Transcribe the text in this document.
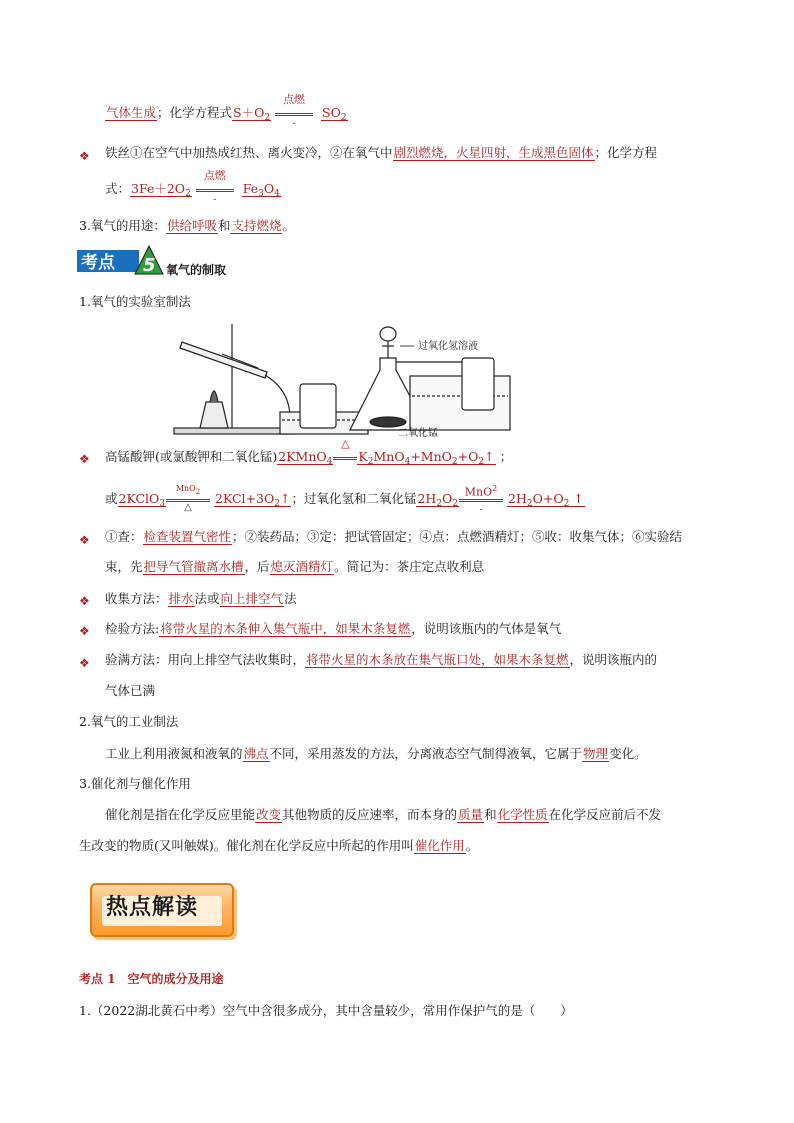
气体生成；化学方程式$S+O_2$
点燃
-
$SO_2$
❖ 铁丝①在空气中加热成红热、离火变冷，②在氧气中剧烈燃烧，火星四射，生成黑色固体；化学方程
式：$3Fe+2O_2$
点燃
-
$Fe_3O_4$
3.氧气的用途：供给呼吸和支持燃烧。
考点 5 氧气的制取
1.氧气的实验室制法
过氧化氢溶液
二氧化锰
❖ 高锰酸钾(或氯酸钾和二氧化锰)2KMnO$_4$
△
$K_2MnO_4+MnO_2+O_2↑$ ；
或2KClO$_3$
MnO2
△
$2KCl+3O_2↑$；过氧化氢和二氧化锰$2H_2O_2$
MnO$^2$
-
$2H_2O+O_2$ ↑
❖ ①查：检查装置气密性；②装药品；③定：把试管固定；④点：点燃酒精灯；⑤收：收集气体；⑥实验结
束，先把导气管撤离水槽，后熄灭酒精灯。简记为：茶庄定点收利息
❖ 收集方法：排水法或向上排空气法
❖ 检验方法:将带火星的木条伸入集气瓶中，如果木条复燃，说明该瓶内的气体是氧气
❖ 验满方法：用向上排空气法收集时，将带火星的木条放在集气瓶口处，如果木条复燃，说明该瓶内的
气体已满
2.氧气的工业制法
工业上利用液氮和液氧的沸点不同，采用蒸发的方法，分离液态空气制得液氧，它属于物理变化。
3.催化剂与催化作用
催化剂是指在化学反应里能改变其他物质的反应速率，而本身的质量和化学性质在化学反应前后不发
生改变的物质(又叫触媒)。催化剂在化学反应中所起的作用叫催化作用。
热点解读
考点 1　空气的成分及用途
1.（2022湖北黄石中考）空气中含很多成分，其中含量较少，常用作保护气的是（　　）
